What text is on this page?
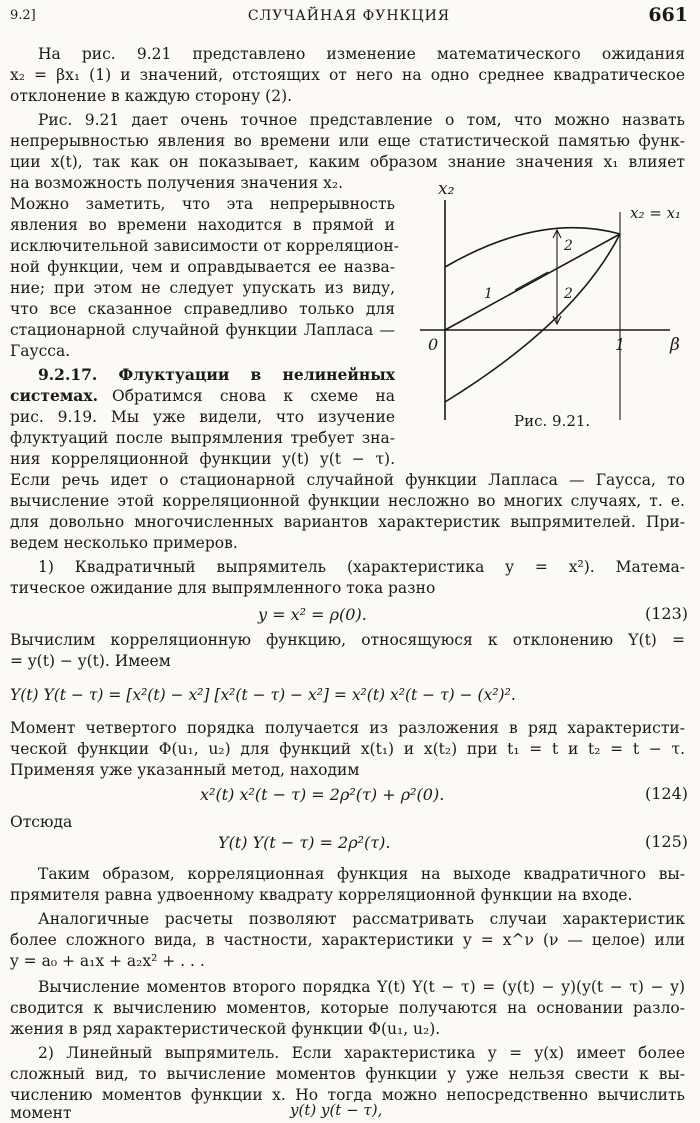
9.2]	СЛУЧАЙНАЯ ФУНКЦИЯ	661
На рис. 9.21 представлено изменение математического ожидания
x₂ = βx₁ (1) и значений, отстоящих от него на одно среднее квадратическое
отклонение в каждую сторону (2).
Рис. 9.21 дает очень точное представление о том, что можно назвать
непрерывностью явления во времени или еще статистической памятью функ-
ции x(t), так как он показывает, каким образом знание значения x₁ влияет
на возможность получения значения x₂.
Можно заметить, что эта непрерывность
явления во времени находится в прямой и
исключительной зависимости от корреляцион-
ной функции, чем и оправдывается ее назва-
ние; при этом не следует упускать из виду,
что все сказанное справедливо только для
стационарной случайной функции Лапласа —
Гаусса.
9.2.17. Флуктуации в нелинейных
системах. Обратимся снова к схеме на
рис. 9.19. Мы уже видели, что изучение
флуктуаций после выпрямления требует зна-
ния корреляционной функции y(t) y(t − τ).
Если речь идет о стационарной случайной функции Лапласа — Гаусса, то
вычисление этой корреляционной функции несложно во многих случаях, т. е.
для довольно многочисленных вариантов характеристик выпрямителей. При-
ведем несколько примеров.
1) Квадратичный выпрямитель (характеристика y = x²). Матема-
тическое ожидание для выпрямленного тока разно
y = x² = ρ(0).	(123)
Вычислим корреляционную функцию, относящуюся к отклонению Y(t) =
= y(t) − y(t). Имеем
Y(t) Y(t − τ) = [x²(t) − x²] [x²(t − τ) − x²] = x²(t) x²(t − τ) − (x²)².
Момент четвертого порядка получается из разложения в ряд характеристи-
ческой функции Φ(u₁, u₂) для функций x(t₁) и x(t₂) при t₁ = t и t₂ = t − τ.
Применяя уже указанный метод, находим
x²(t) x²(t − τ) = 2ρ²(τ) + ρ²(0).	(124)
Отсюда
Y(t) Y(t − τ) = 2ρ²(τ).	(125)
Таким образом, корреляционная функция на выходе квадратичного вы-
прямителя равна удвоенному квадрату корреляционной функции на входе.
Аналогичные расчеты позволяют рассматривать случаи характеристик
более сложного вида, в частности, характеристики y = x^ν (ν — целое) или
y = a₀ + a₁x + a₂x² + . . .
Вычисление моментов второго порядка Y(t) Y(t − τ) = (y(t) − y)(y(t − τ) − y)
сводится к вычислению моментов, которые получаются на основании разло-
жения в ряд характеристической функции Φ(u₁, u₂).
2) Линейный выпрямитель. Если характеристика y = y(x) имеет более
сложный вид, то вычисление моментов функции y уже нельзя свести к вы-
числению моментов функции x. Но тогда можно непосредственно вычислить
момент	y(t) y(t − τ),
x₂
β
0	1
x₂ = x₁
1
2
2
Рис. 9.21.
